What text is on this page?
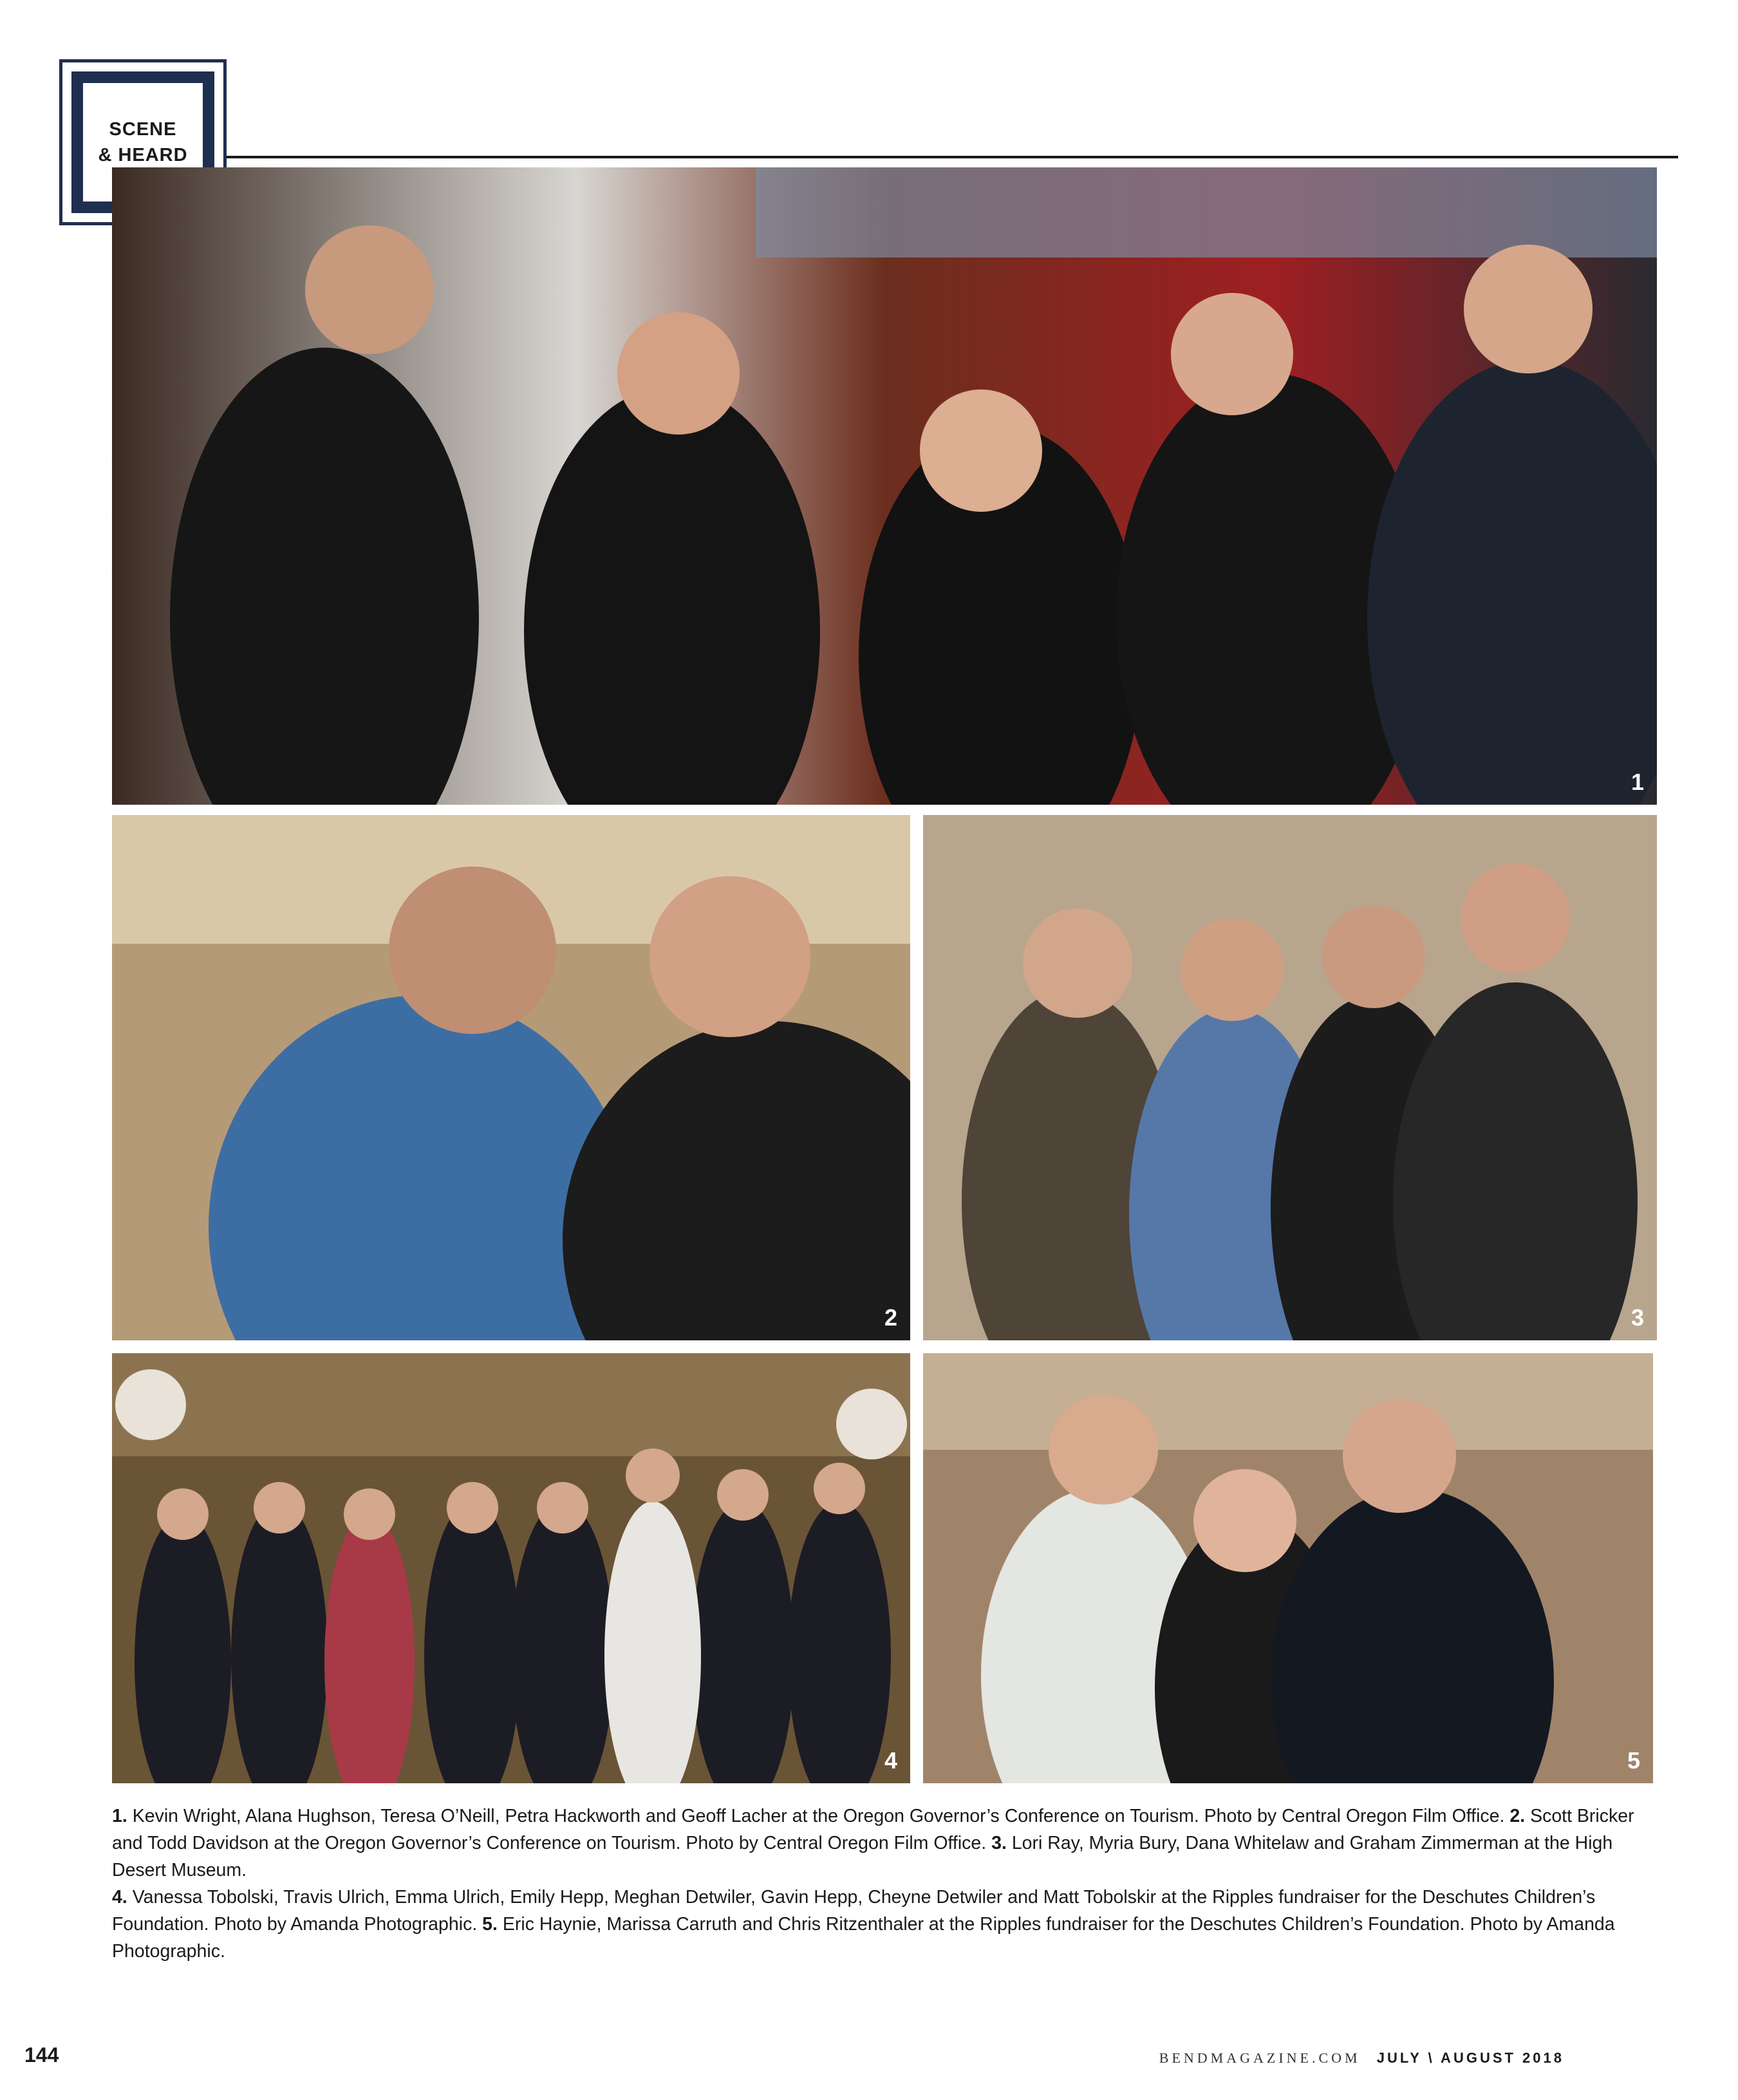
SCENE
& HEARD
1
2	3
4	5
1. Kevin Wright, Alana Hughson, Teresa O’Neill, Petra Hackworth and Geoff Lacher at the Oregon Governor’s Conference on Tourism. Photo by Central Oregon Film Office. 2. Scott Bricker and Todd Davidson at the Oregon Governor’s Conference on Tourism. Photo by Central Oregon Film Office. 3. Lori Ray, Myria Bury, Dana Whitelaw and Graham Zimmerman at the High Desert Museum.
4. Vanessa Tobolski, Travis Ulrich, Emma Ulrich, Emily Hepp, Meghan Detwiler, Gavin Hepp, Cheyne Detwiler and Matt Tobolskir at the Ripples fundraiser for the Deschutes Children’s Foundation. Photo by Amanda Photographic. 5. Eric Haynie, Marissa Carruth and Chris Ritzenthaler at the Ripples fundraiser for the Deschutes Children’s Foundation. Photo by Amanda Photographic.
144	BENDMAGAZINE.COM JULY \ AUGUST 2018
